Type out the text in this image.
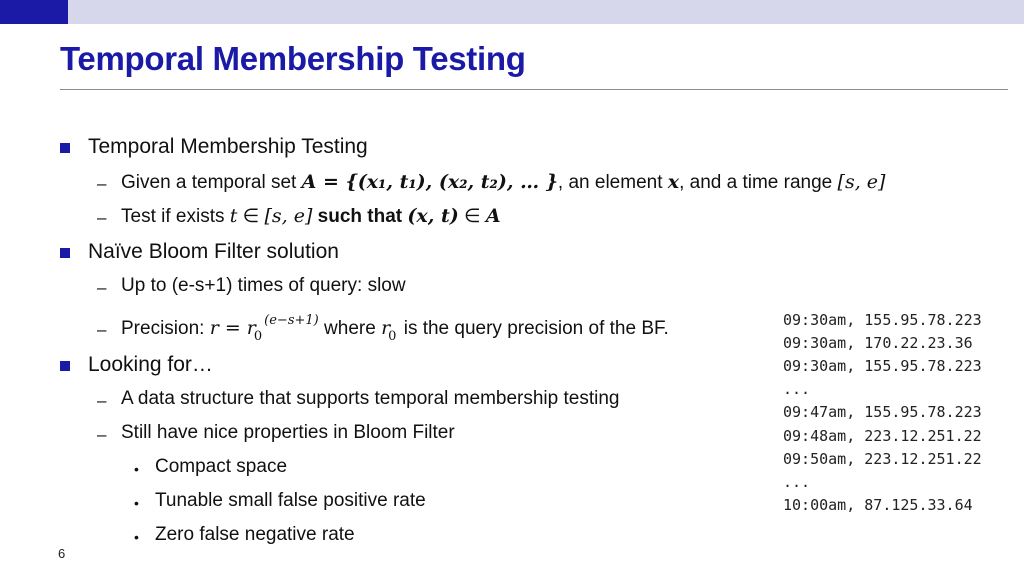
Temporal Membership Testing
Temporal Membership Testing
– Given a temporal set 𝑨 = {(𝒙₁, 𝒕₁), (𝒙₂, 𝒕₂), … }, an element 𝒙, and a time range [s, e]
– Test if exists t ∈ [s, e] such that (𝒙, 𝒕) ∈ 𝑨
Naïve Bloom Filter solution
– Up to (e-s+1) times of query: slow
– Precision: $r = r_0^{(e-s+1)}$ where $r_0$ is the query precision of the BF.
Looking for…
– A data structure that supports temporal membership testing
– Still have nice properties in Bloom Filter
• Compact space
• Tunable small false positive rate
• Zero false negative rate
09:30am, 155.95.78.223
09:30am, 170.22.23.36
09:30am, 155.95.78.223
...
09:47am, 155.95.78.223
09:48am, 223.12.251.22
09:50am, 223.12.251.22
...
10:00am, 87.125.33.64
6
